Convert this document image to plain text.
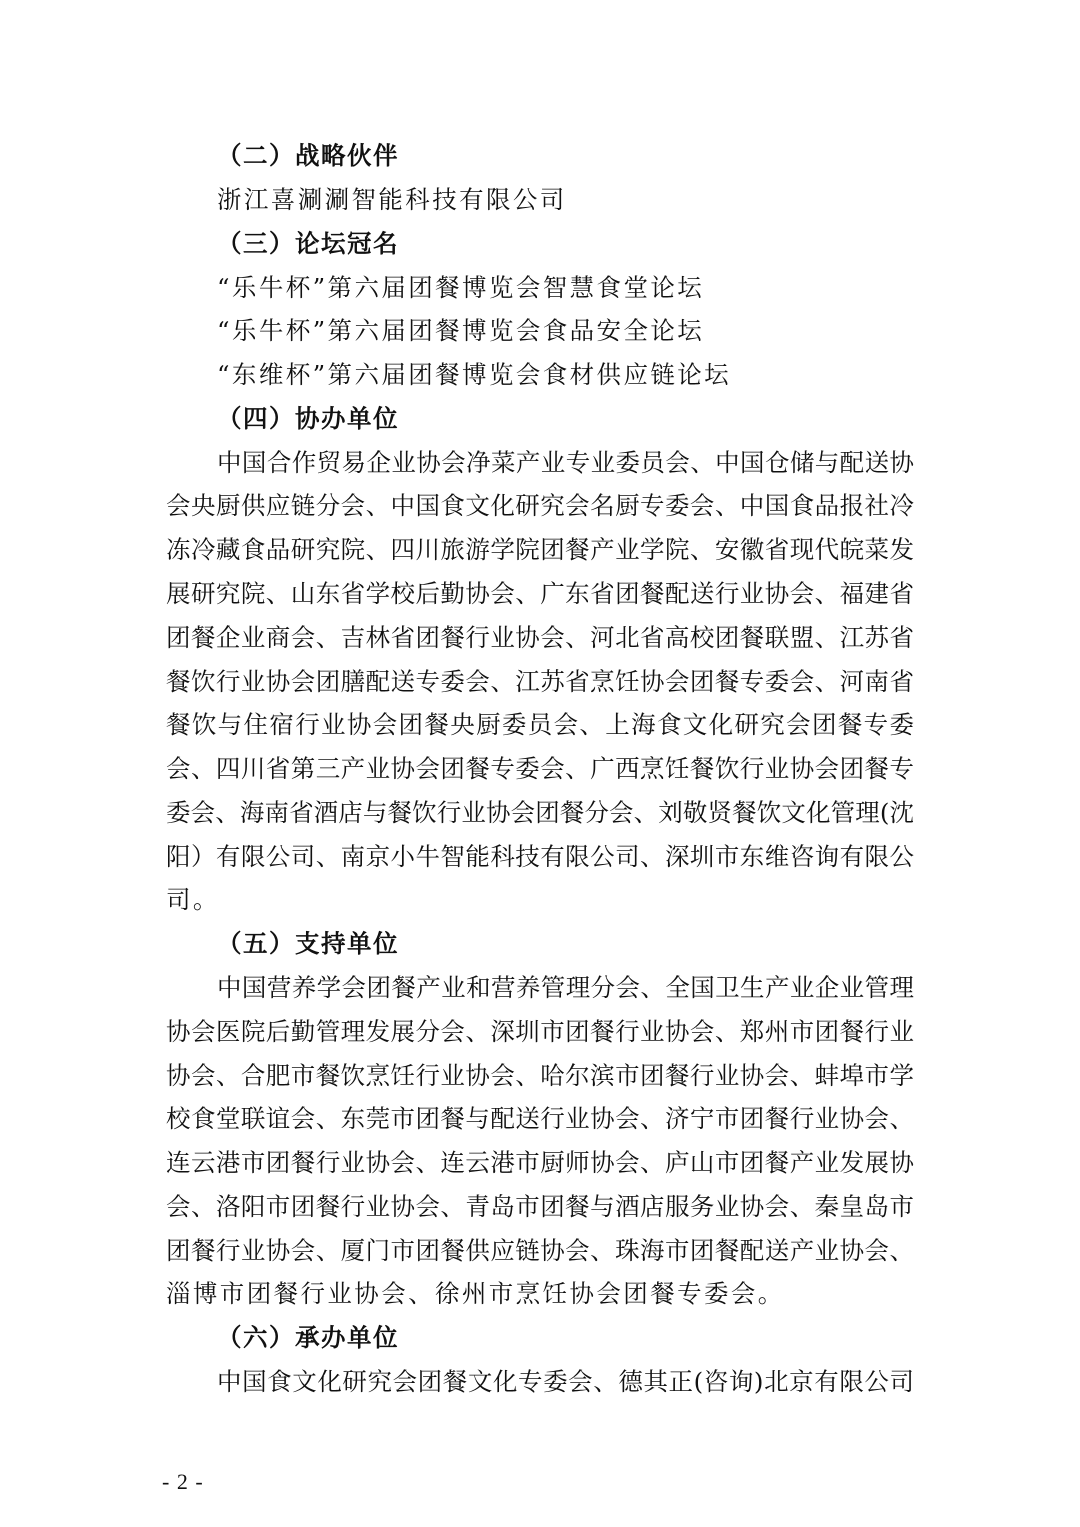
（二）战略伙伴

浙江喜涮涮智能科技有限公司

（三）论坛冠名

“乐牛杯”第六届团餐博览会智慧食堂论坛

“乐牛杯”第六届团餐博览会食品安全论坛

“东维杯”第六届团餐博览会食材供应链论坛

（四）协办单位

中国合作贸易企业协会净菜产业专业委员会、中国仓储与配送协

会央厨供应链分会、中国食文化研究会名厨专委会、中国食品报社冷

冻冷藏食品研究院、四川旅游学院团餐产业学院、安徽省现代皖菜发

展研究院、山东省学校后勤协会、广东省团餐配送行业协会、福建省

团餐企业商会、吉林省团餐行业协会、河北省高校团餐联盟、江苏省

餐饮行业协会团膳配送专委会、江苏省烹饪协会团餐专委会、河南省

餐饮与住宿行业协会团餐央厨委员会、上海食文化研究会团餐专委

会、四川省第三产业协会团餐专委会、广西烹饪餐饮行业协会团餐专

委会、海南省酒店与餐饮行业协会团餐分会、刘敬贤餐饮文化管理(沈

阳）有限公司、南京小牛智能科技有限公司、深圳市东维咨询有限公

司。

（五）支持单位

中国营养学会团餐产业和营养管理分会、全国卫生产业企业管理

协会医院后勤管理发展分会、深圳市团餐行业协会、郑州市团餐行业

协会、合肥市餐饮烹饪行业协会、哈尔滨市团餐行业协会、蚌埠市学

校食堂联谊会、东莞市团餐与配送行业协会、济宁市团餐行业协会、

连云港市团餐行业协会、连云港市厨师协会、庐山市团餐产业发展协

会、洛阳市团餐行业协会、青岛市团餐与酒店服务业协会、秦皇岛市

团餐行业协会、厦门市团餐供应链协会、珠海市团餐配送产业协会、

淄博市团餐行业协会、徐州市烹饪协会团餐专委会。

（六）承办单位

中国食文化研究会团餐文化专委会、德其正(咨询)北京有限公司

- 2 -
